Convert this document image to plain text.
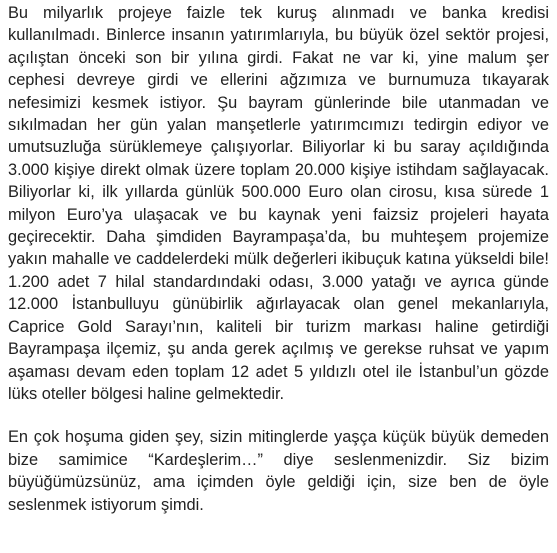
Bu milyarlık projeye faizle tek kuruş alınmadı ve banka kredisi kullanılmadı. Binlerce insanın yatırımlarıyla, bu büyük özel sektör projesi, açılıştan önceki son bir yılına girdi. Fakat ne var ki, yine malum şer cephesi devreye girdi ve ellerini ağzımıza ve burnumuza tıkayarak nefesimizi kesmek istiyor. Şu bayram günlerinde bile utanmadan ve sıkılmadan her gün yalan manşetlerle yatırımcımızı tedirgin ediyor ve umutsuzluğa sürüklemeye çalışıyorlar. Biliyorlar ki bu saray açıldığında 3.000 kişiye direkt olmak üzere toplam 20.000 kişiye istihdam sağlayacak. Biliyorlar ki, ilk yıllarda günlük 500.000 Euro olan cirosu, kısa sürede 1 milyon Euro’ya ulaşacak ve bu kaynak yeni faizsiz projeleri hayata geçirecektir. Daha şimdiden Bayrampaşa’da, bu muhteşem projemize yakın mahalle ve caddelerdeki mülk değerleri ikibuçuk katına yükseldi bile! 1.200 adet 7 hilal standardındaki odası, 3.000 yatağı ve ayrıca günde 12.000 İstanbulluyu günübirlik ağırlayacak olan genel mekanlarıyla, Caprice Gold Sarayı’nın, kaliteli bir turizm markası haline getirdiği Bayrampaşa ilçemiz, şu anda gerek açılmış ve gerekse ruhsat ve yapım aşaması devam eden toplam 12 adet 5 yıldızlı otel ile İstanbul’un gözde lüks oteller bölgesi haline gelmektedir.

En çok hoşuma giden şey, sizin mitinglerde yaşça küçük büyük demeden bize samimice “Kardeşlerim…” diye seslenmenizdir. Siz bizim büyüğümüzsünüz, ama içimden öyle geldiği için, size ben de öyle seslenmek istiyorum şimdi.
